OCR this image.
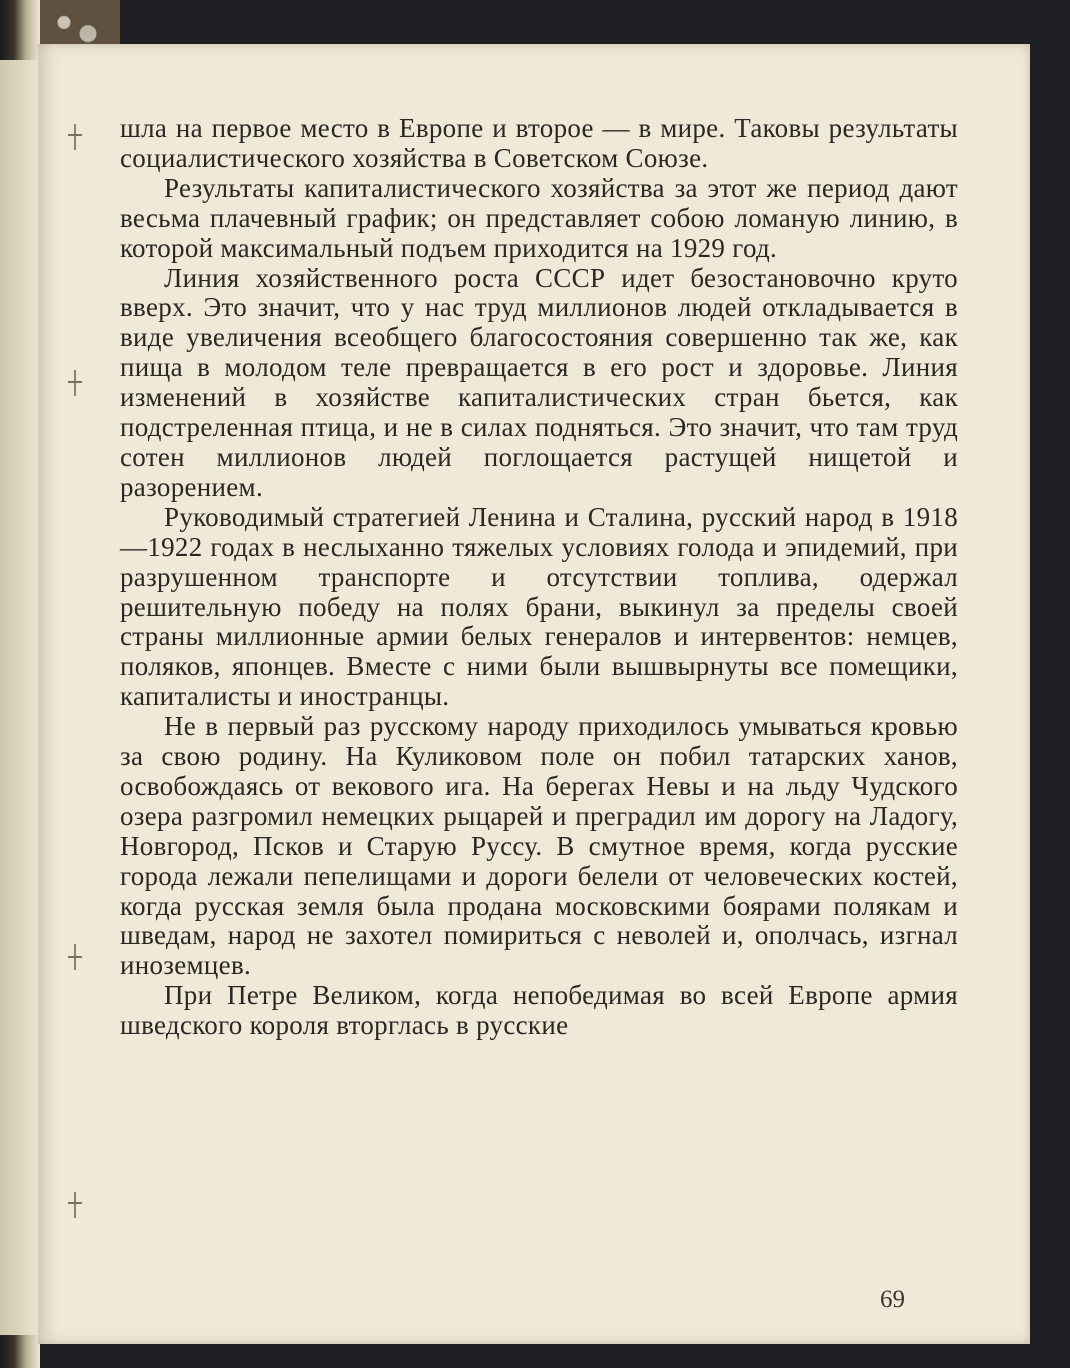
шла на первое место в Европе и второе — в мире. Таковы результаты социалистического хозяйства в Советском Союзе.

Результаты капиталистического хозяйства за этот же период дают весьма плачевный график; он представляет собою ломаную линию, в которой максимальный подъем приходится на 1929 год.

Линия хозяйственного роста СССР идет безостановочно круто вверх. Это значит, что у нас труд миллионов людей откладывается в виде увеличения всеобщего благосостояния совершенно так же, как пища в молодом теле превращается в его рост и здоровье. Линия изменений в хозяйстве капиталистических стран бьется, как подстреленная птица, и не в силах подняться. Это значит, что там труд сотен миллионов людей поглощается растущей нищетой и разорением.

Руководимый стратегией Ленина и Сталина, русский народ в 1918—1922 годах в неслыханно тяжелых условиях голода и эпидемий, при разрушенном транспорте и отсутствии топлива, одержал решительную победу на полях брани, выкинул за пределы своей страны миллионные армии белых генералов и интервентов: немцев, поляков, японцев. Вместе с ними были вышвырнуты все помещики, капиталисты и иностранцы.

Не в первый раз русскому народу приходилось умываться кровью за свою родину. На Куликовом поле он побил татарских ханов, освобождаясь от векового ига. На берегах Невы и на льду Чудского озера разгромил немецких рыцарей и преградил им дорогу на Ладогу, Новгород, Псков и Старую Руссу. В смутное время, когда русские города лежали пепелищами и дороги белели от человеческих костей, когда русская земля была продана московскими боярами полякам и шведам, народ не захотел помириться с неволей и, ополчась, изгнал иноземцев.

При Петре Великом, когда непобедимая во всей Европе армия шведского короля вторглась в русские

69
